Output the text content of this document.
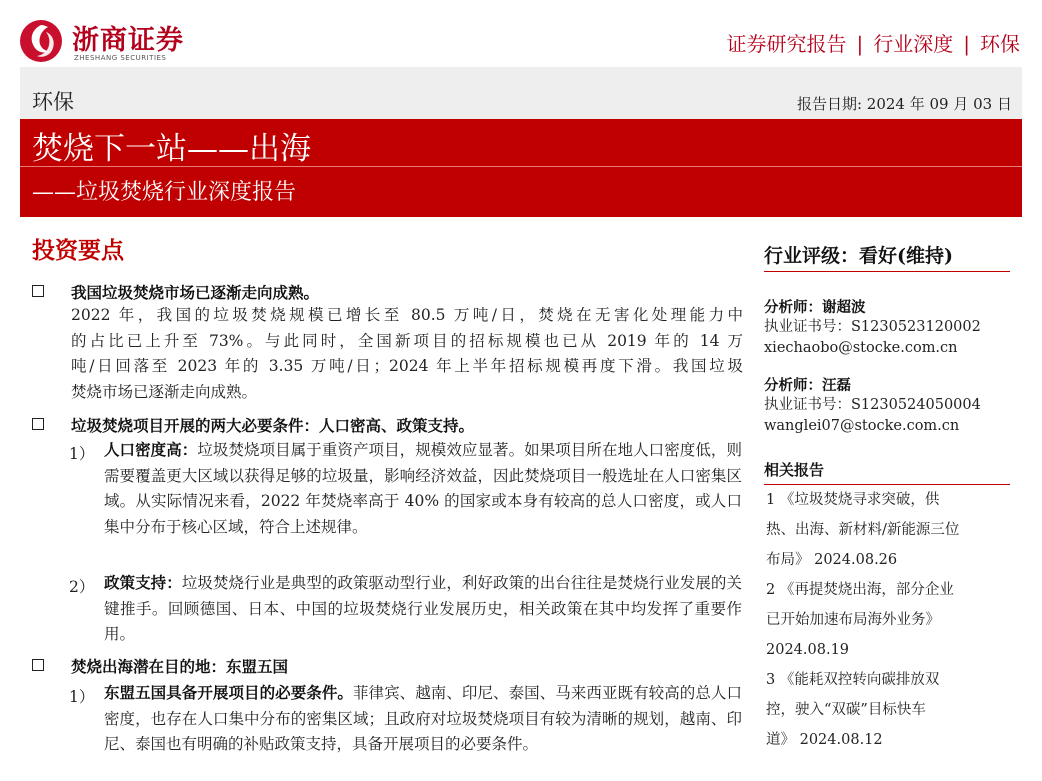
浙商证券
ZHESHANG SECURITIES
证券研究报告 | 行业深度 | 环保
环保	报告日期: 2024 年 09 月 03 日
焚烧下一站——出海
——垃圾焚烧行业深度报告
投资要点
我国垃圾焚烧市场已逐渐走向成熟。
2022 年，我国的垃圾焚烧规模已增长至 80.5 万吨/日，焚烧在无害化处理能力中
的占比已上升至 73%。与此同时，全国新项目的招标规模也已从 2019 年的 14 万
吨/日回落至 2023 年的 3.35 万吨/日；2024 年上半年招标规模再度下滑。我国垃圾
焚烧市场已逐渐走向成熟。
垃圾焚烧项目开展的两大必要条件：人口密高、政策支持。
1） 人口密度高：垃圾焚烧项目属于重资产项目，规模效应显著。如果项目所在地人口密度低，则需要覆盖更大区域以获得足够的垃圾量，影响经济效益，因此焚烧项目一般选址在人口密集区域。从实际情况来看，2022 年焚烧率高于 40% 的国家或本身有较高的总人口密度，或人口集中分布于核心区域，符合上述规律。
2） 政策支持：垃圾焚烧行业是典型的政策驱动型行业，利好政策的出台往往是焚烧行业发展的关键推手。回顾德国、日本、中国的垃圾焚烧行业发展历史，相关政策在其中均发挥了重要作用。
焚烧出海潜在目的地：东盟五国
1） 东盟五国具备开展项目的必要条件。菲律宾、越南、印尼、泰国、马来西亚既有较高的总人口密度，也存在人口集中分布的密集区域；且政府对垃圾焚烧项目有较为清晰的规划，越南、印尼、泰国也有明确的补贴政策支持，具备开展项目的必要条件。
行业评级：看好(维持)
分析师：谢超波
执业证书号：S1230523120002
xiechaobo@stocke.com.cn
分析师：汪磊
执业证书号：S1230524050004
wanglei07@stocke.com.cn
相关报告
1 《垃圾焚烧寻求突破，供
热、出海、新材料/新能源三位
布局》 2024.08.26
2 《再提焚烧出海，部分企业
已开始加速布局海外业务》
2024.08.19
3 《能耗双控转向碳排放双
控，驶入“双碳”目标快车
道》 2024.08.12
